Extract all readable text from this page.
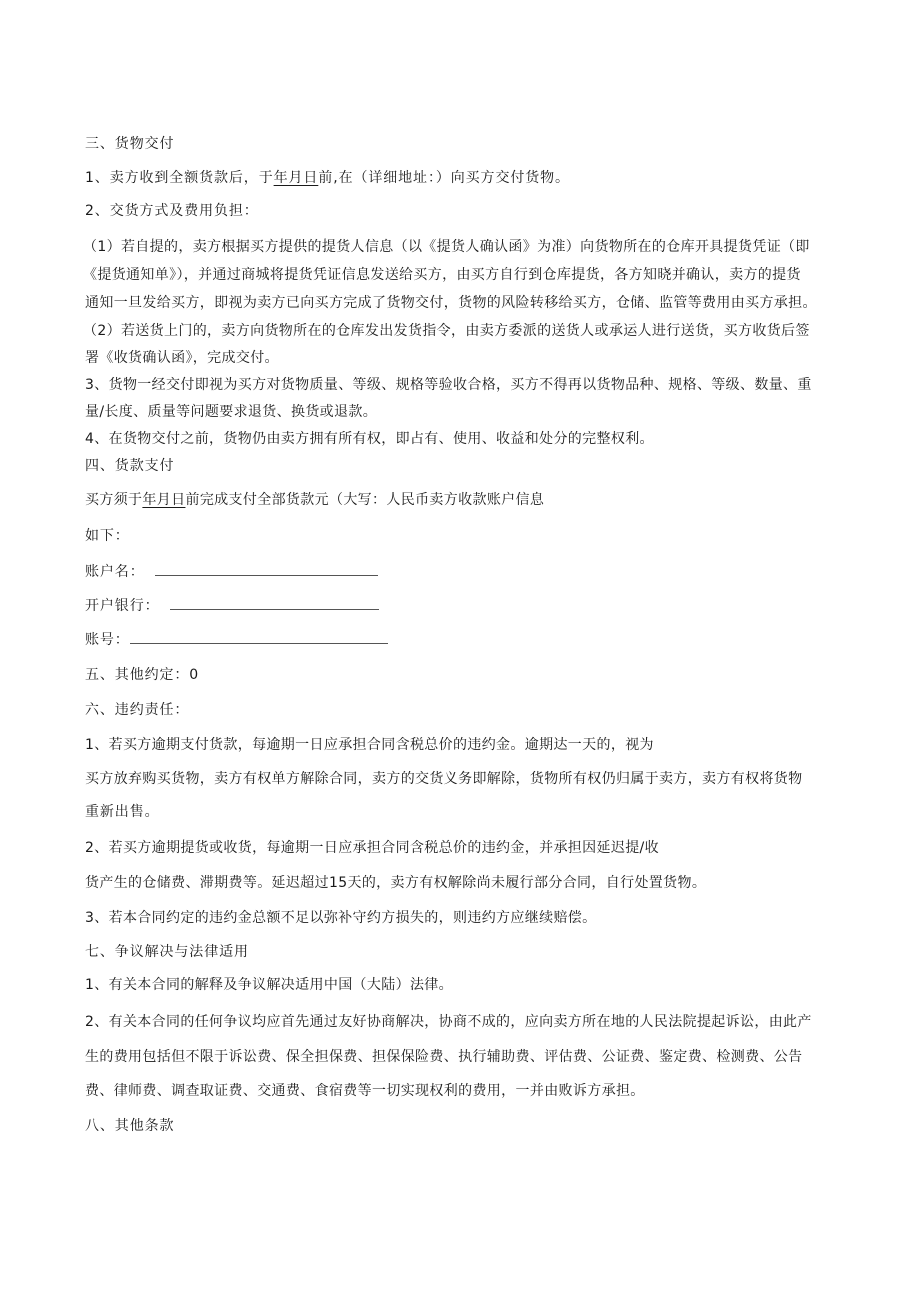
三、货物交付

1、卖方收到全额货款后，于年月日前,在（详细地址：）向买方交付货物。

2、交货方式及费用负担：

（1）若自提的，卖方根据买方提供的提货人信息（以《提货人确认函》为准）向货物所在的仓库开具提货凭证（即

《提货通知单》），并通过商城将提货凭证信息发送给买方，由买方自行到仓库提货，各方知晓并确认，卖方的提货

通知一旦发给买方，即视为卖方已向买方完成了货物交付，货物的风险转移给买方，仓储、监管等费用由买方承担。

（2）若送货上门的，卖方向货物所在的仓库发出发货指令，由卖方委派的送货人或承运人进行送货，买方收货后签

署《收货确认函》，完成交付。

3、货物一经交付即视为买方对货物质量、等级、规格等验收合格，买方不得再以货物品种、规格、等级、数量、重

量/长度、质量等问题要求退货、换货或退款。

4、在货物交付之前，货物仍由卖方拥有所有权，即占有、使用、收益和处分的完整权利。

四、货款支付

买方须于年月日前完成支付全部货款元（大写：人民币卖方收款账户信息

如下：

账户名：

开户银行：

账号：

五、其他约定：0

六、违约责任：

1、若买方逾期支付货款，每逾期一日应承担合同含税总价的违约金。逾期达一天的，视为

买方放弃购买货物，卖方有权单方解除合同，卖方的交货义务即解除，货物所有权仍归属于卖方，卖方有权将货物

重新出售。

2、若买方逾期提货或收货，每逾期一日应承担合同含税总价的违约金，并承担因延迟提/收

货产生的仓储费、滞期费等。延迟超过15天的，卖方有权解除尚未履行部分合同，自行处置货物。

3、若本合同约定的违约金总额不足以弥补守约方损失的，则违约方应继续赔偿。

七、争议解决与法律适用

1、有关本合同的解释及争议解决适用中国（大陆）法律。

2、有关本合同的任何争议均应首先通过友好协商解决，协商不成的，应向卖方所在地的人民法院提起诉讼，由此产

生的费用包括但不限于诉讼费、保全担保费、担保保险费、执行辅助费、评估费、公证费、鉴定费、检测费、公告

费、律师费、调查取证费、交通费、食宿费等一切实现权利的费用，一并由败诉方承担。

八、其他条款
